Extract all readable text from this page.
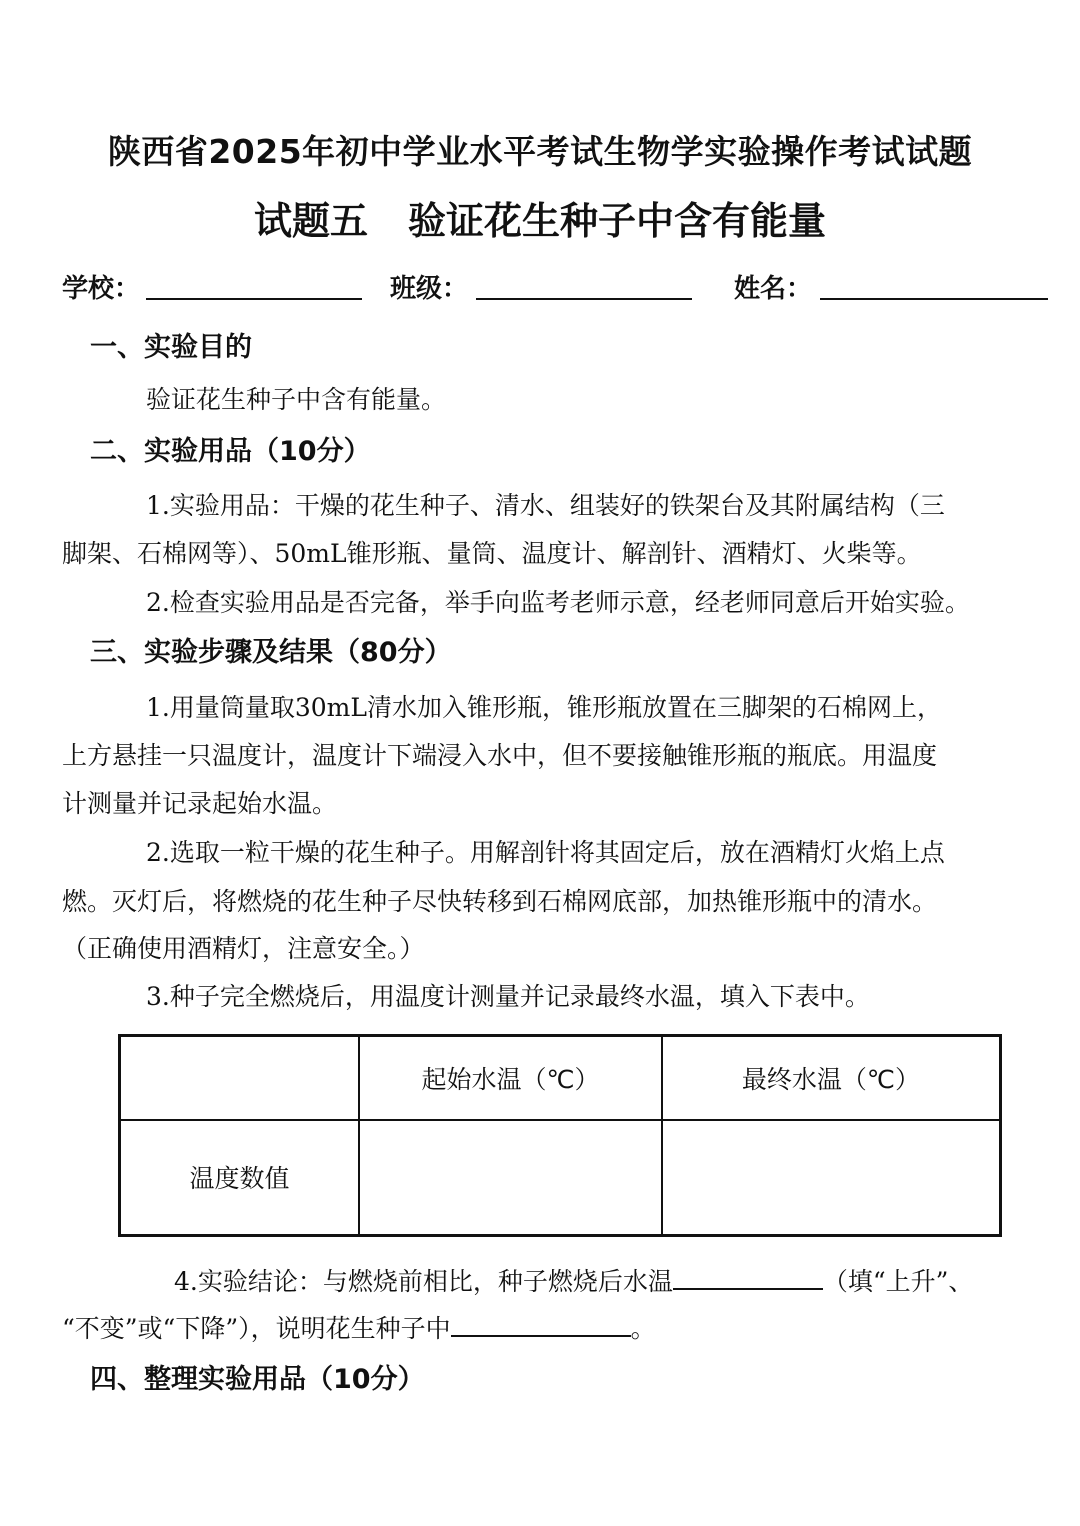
陕西省2025年初中学业水平考试生物学实验操作考试试题
试题五 验证花生种子中含有能量
学校：	班级：	姓名：
一、实验目的
验证花生种子中含有能量。
二、实验用品（10分）
1.实验用品：干燥的花生种子、清水、组装好的铁架台及其附属结构（三
脚架、石棉网等）、50mL锥形瓶、量筒、温度计、解剖针、酒精灯、火柴等。
2.检查实验用品是否完备，举手向监考老师示意，经老师同意后开始实验。
三、实验步骤及结果（80分）
1.用量筒量取30mL清水加入锥形瓶，锥形瓶放置在三脚架的石棉网上，
上方悬挂一只温度计，温度计下端浸入水中，但不要接触锥形瓶的瓶底。用温度
计测量并记录起始水温。
2.选取一粒干燥的花生种子。用解剖针将其固定后，放在酒精灯火焰上点
燃。灭灯后，将燃烧的花生种子尽快转移到石棉网底部，加热锥形瓶中的清水。
（正确使用酒精灯，注意安全。）
3.种子完全燃烧后，用温度计测量并记录最终水温，填入下表中。
	起始水温（℃）	最终水温（℃）
温度数值		
4.实验结论：与燃烧前相比，种子燃烧后水温	（填“上升”、
“不变”或“下降”），说明花生种子中	。
四、整理实验用品（10分）
